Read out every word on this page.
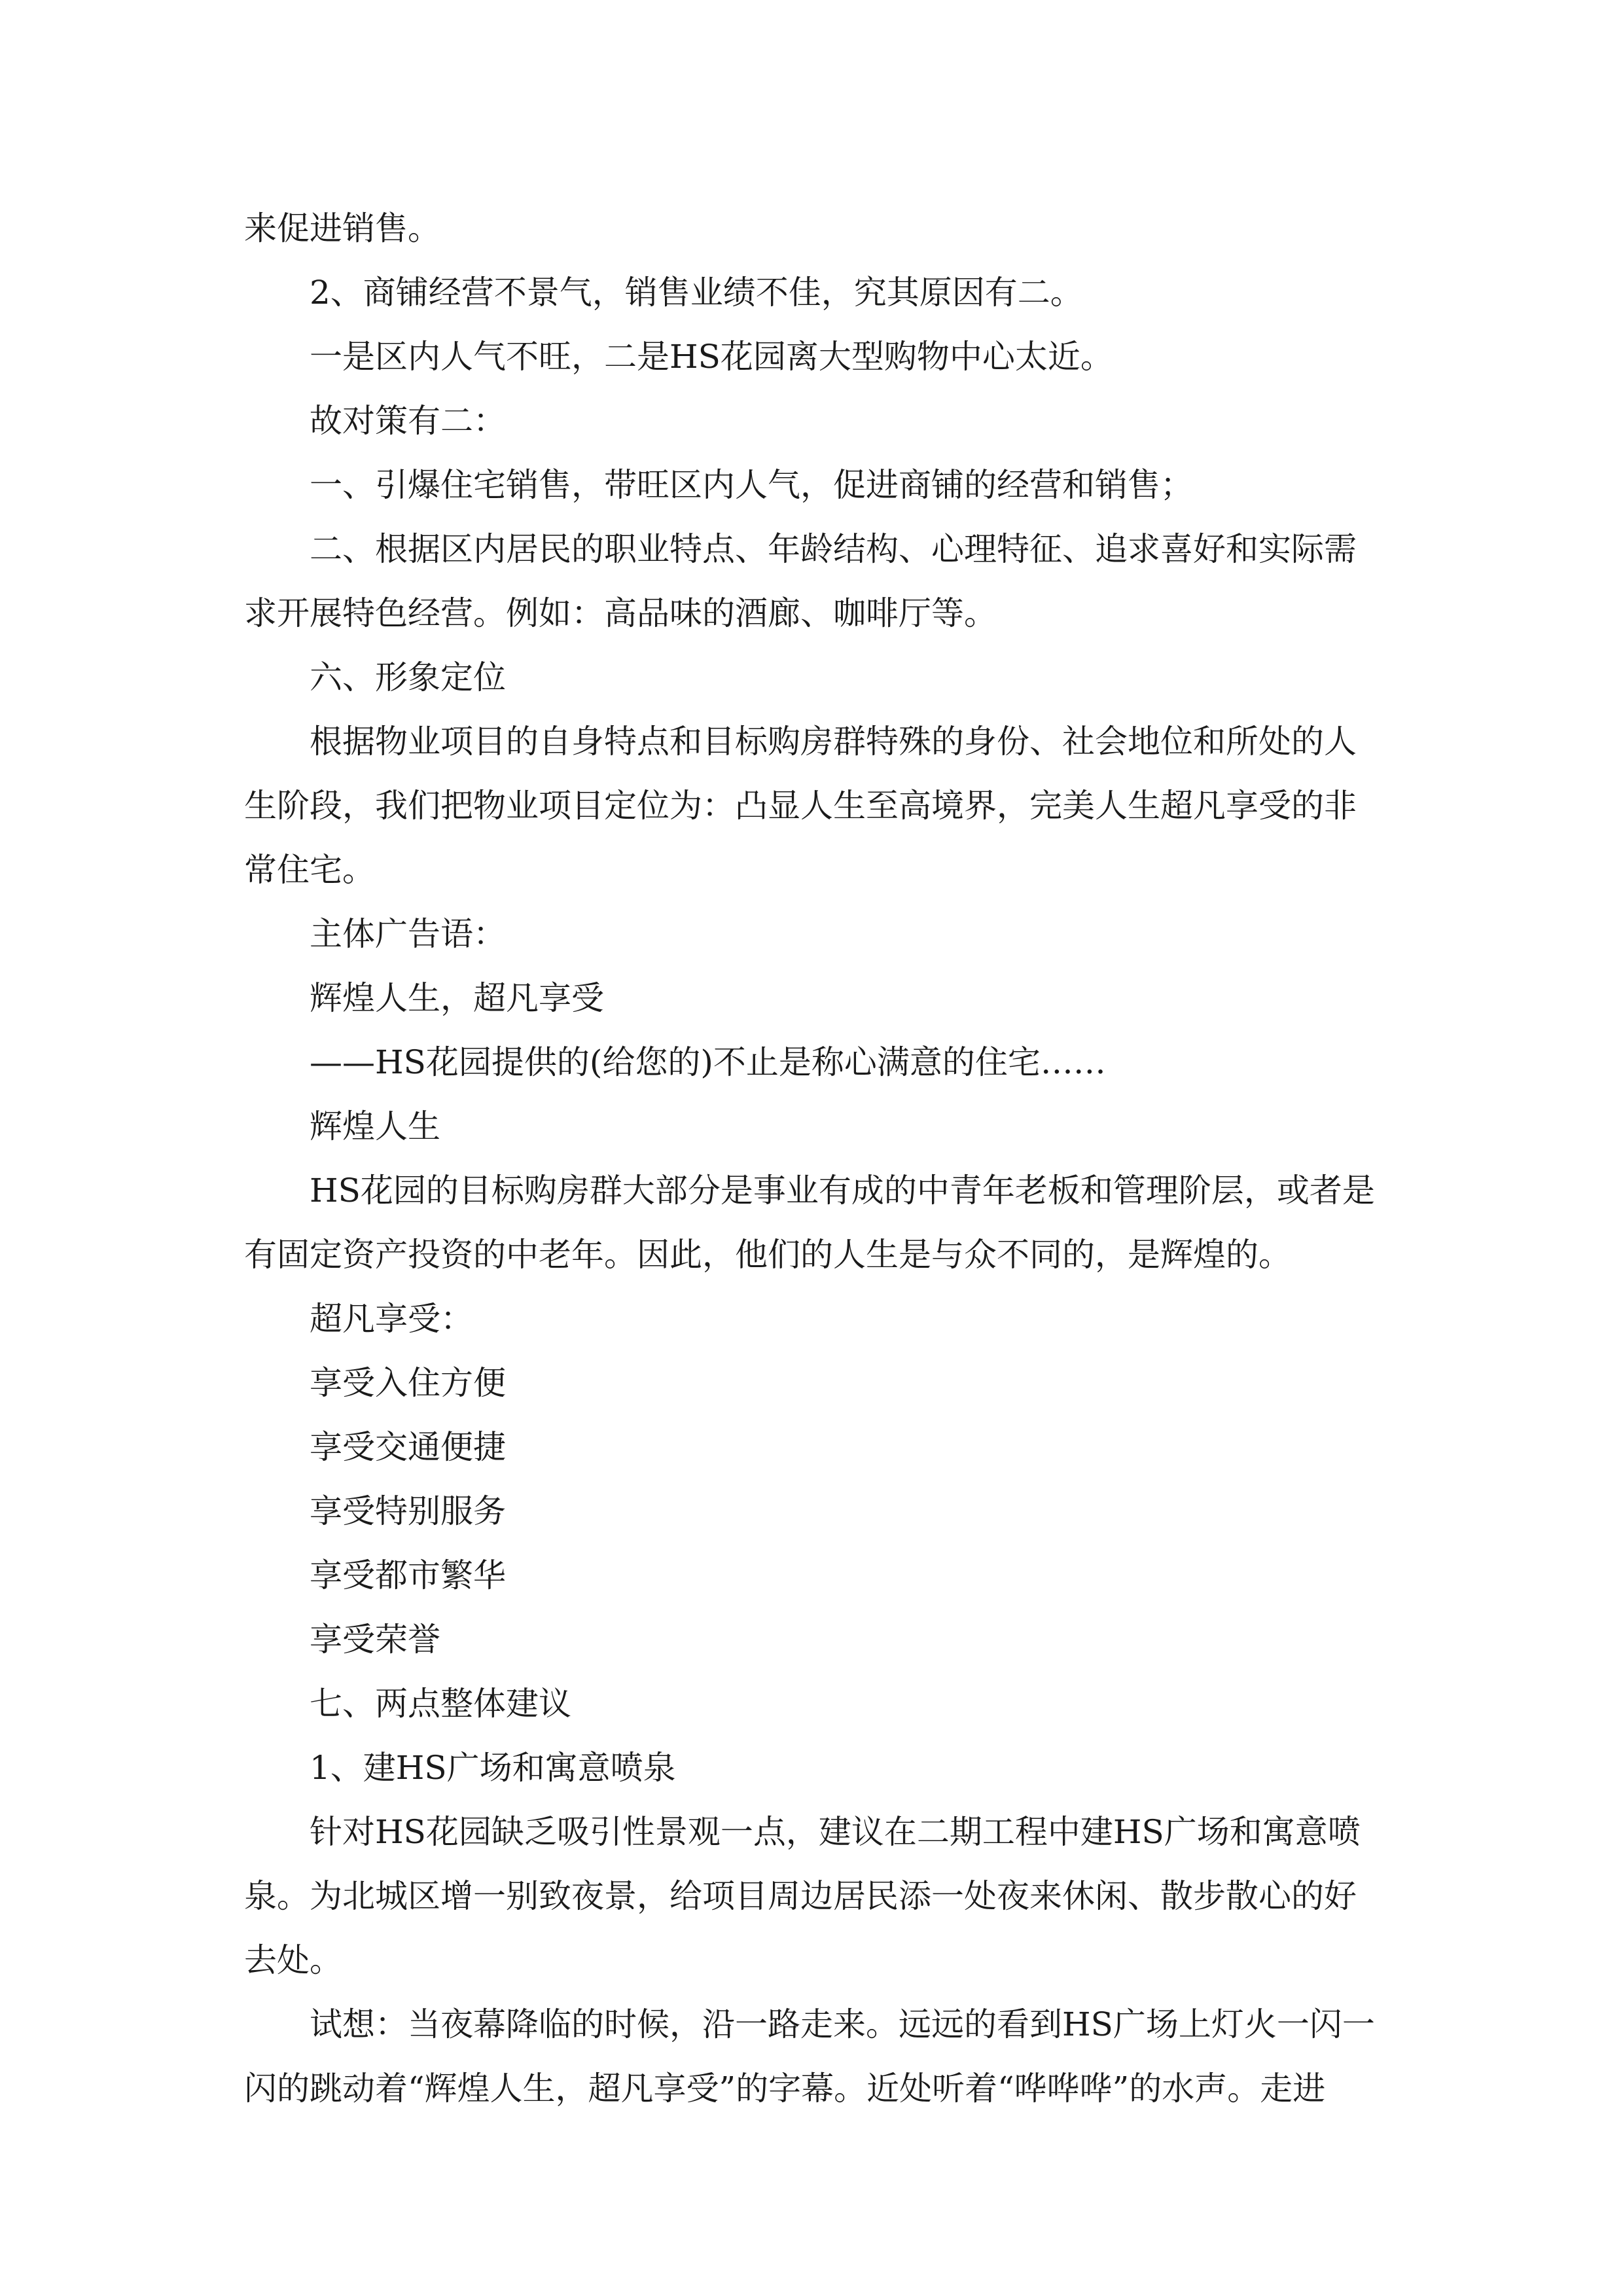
来促进销售。

2、商铺经营不景气，销售业绩不佳，究其原因有二。

一是区内人气不旺，二是HS花园离大型购物中心太近。

故对策有二：

一、引爆住宅销售，带旺区内人气，促进商铺的经营和销售；

二、根据区内居民的职业特点、年龄结构、心理特征、追求喜好和实际需求开展特色经营。例如：高品味的酒廊、咖啡厅等。

六、形象定位

根据物业项目的自身特点和目标购房群特殊的身份、社会地位和所处的人生阶段，我们把物业项目定位为：凸显人生至高境界，完美人生超凡享受的非常住宅。

主体广告语：

辉煌人生，超凡享受

——HS花园提供的(给您的)不止是称心满意的住宅……

辉煌人生

HS花园的目标购房群大部分是事业有成的中青年老板和管理阶层，或者是有固定资产投资的中老年。因此，他们的人生是与众不同的，是辉煌的。

超凡享受：

享受入住方便

享受交通便捷

享受特别服务

享受都市繁华

享受荣誉

七、两点整体建议

1、建HS广场和寓意喷泉

针对HS花园缺乏吸引性景观一点，建议在二期工程中建HS广场和寓意喷泉。为北城区增一别致夜景，给项目周边居民添一处夜来休闲、散步散心的好去处。

试想：当夜幕降临的时候，沿一路走来。远远的看到HS广场上灯火一闪一闪的跳动着“辉煌人生，超凡享受”的字幕。近处听着“哗哗哗”的水声。走进
